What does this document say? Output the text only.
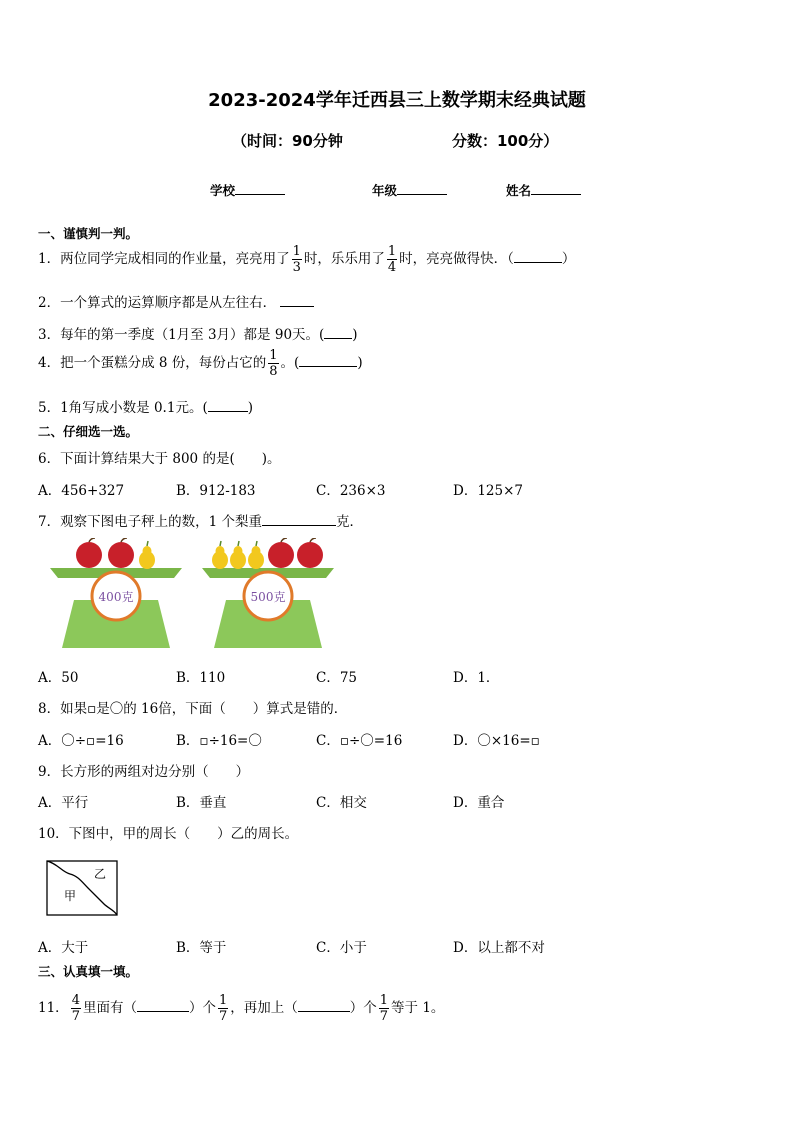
2023-2024学年迁西县三上数学期末经典试题
（时间：90分钟	分数：100分）
学校	年级	姓名
一、谨慎判一判。
1．两位同学完成相同的作业量，亮亮用了 $\frac{1}{3}$ 时，乐乐用了 $\frac{1}{4}$ 时，亮亮做得快．（	）
2．一个算式的运算顺序都是从左往右．
3．每年的第一季度（1月至 3月）都是 90天。( )
4．把一个蛋糕分成 8 份，每份占它的 $\frac{1}{8}$ 。(	)
5．1角写成小数是 0.1元。(	)
二、仔细选一选。
6．下面计算结果大于 800 的是(　　)。
A．456+327	B．912-183	C．236×3	D．125×7
7．观察下图电子秤上的数，1 个梨重	克．
400克	500克
A．50	B．110	C．75	D．1．
8．如果▫是〇的 16倍，下面（　　）算式是错的．
A．〇÷▫=16	B．▫÷16=〇	C．▫÷〇=16	D．〇×16=▫
9．长方形的两组对边分别（　　）
A．平行	B．垂直	C．相交	D．重合
10．下图中，甲的周长（　　）乙的周长。
甲
乙
A．大于	B．等于	C．小于	D．以上都不对
三、认真填一填。
11． $\frac{4}{7}$ 里面有（	）个 $\frac{1}{7}$ ，再加上（	）个 $\frac{1}{7}$ 等于 1。
